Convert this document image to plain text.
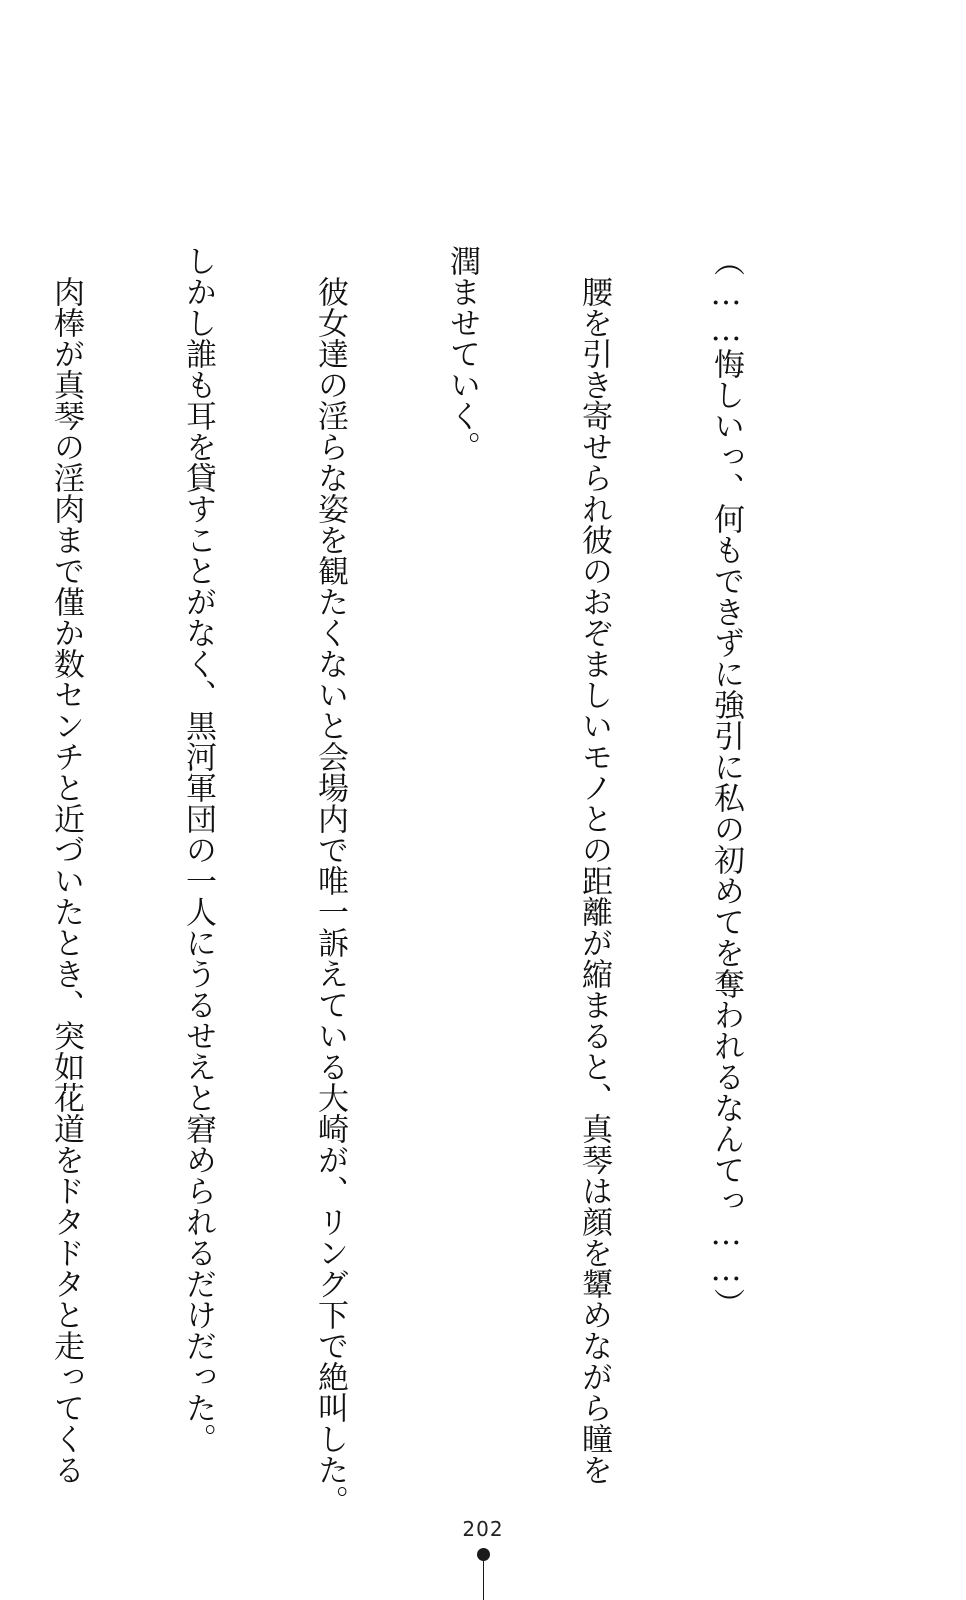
（……悔しいっ、何もできずに強引に私の初めてを奪われるなんてっ……）

　腰を引き寄せられ彼のおぞましいモノとの距離が縮まると、真琴は顔を顰めながら瞳を

潤ませていく。

　彼女達の淫らな姿を観たくないと会場内で唯一訴えている大崎が、リング下で絶叫した。

しかし誰も耳を貸すことがなく、黒河軍団の一人にうるせえと窘められるだけだった。

　肉棒が真琴の淫肉まで僅か数センチと近づいたとき、突如花道をドタドタと走ってくる

202
